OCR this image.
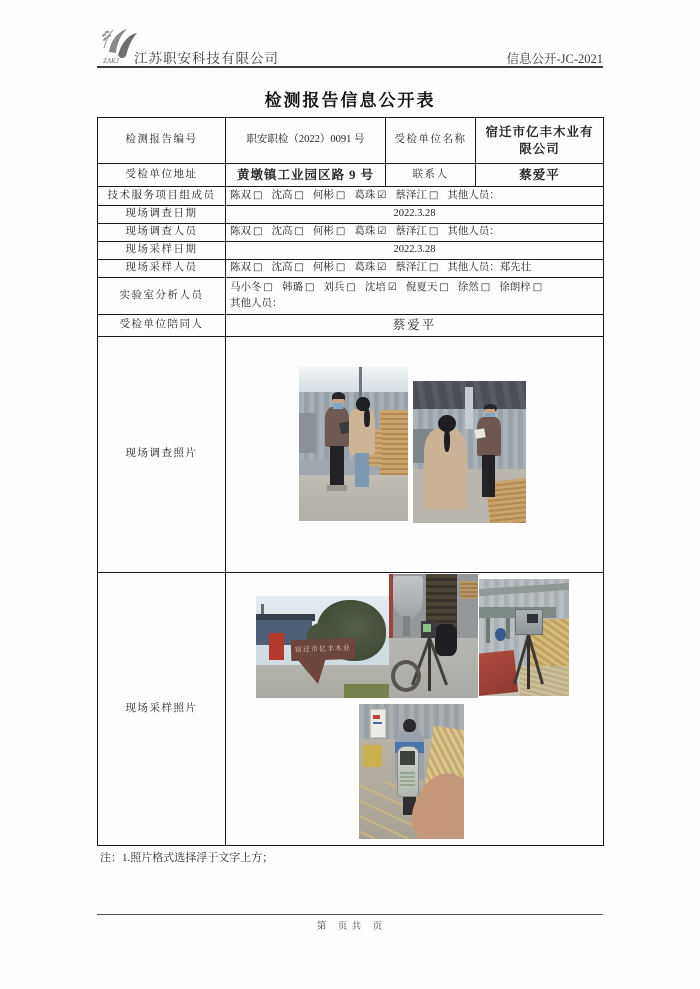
ZAKJ 江苏职安科技有限公司	信息公开-JC-2021
检测报告信息公开表
检测报告编号	职安职检（2022）0091 号	受检单位名称	宿迁市亿丰木业有限公司
受检单位地址	黄墩镇工业园区路 9 号	联系人	蔡爱平
技术服务项目组成员	陈双 □ 沈高 □ 何彬 □ 葛珠 ☑ 蔡泽江 □ 其他人员：		
现场调查日期	2022.3.28		
现场调查人员	陈双 □ 沈高 □ 何彬 □ 葛珠 ☑ 蔡泽江 □ 其他人员：		
现场采样日期	2022.3.28		
现场采样人员	陈双 □ 沈高 □ 何彬 □ 葛珠 ☑ 蔡泽江 □ 其他人员：郑先壮		
实验室分析人员	马小冬 □ 韩璐 □ 刘兵 □ 沈培 ☑ 倪夏天 □ 徐然 □ 徐朗梓 □
其他人员：		

受检单位陪同人	蔡爱平		
现场调查照片			

现场采样照片	宿迁市亿丰木业		
注：1.照片格式选择浮于文字上方；
第　页 共　页
